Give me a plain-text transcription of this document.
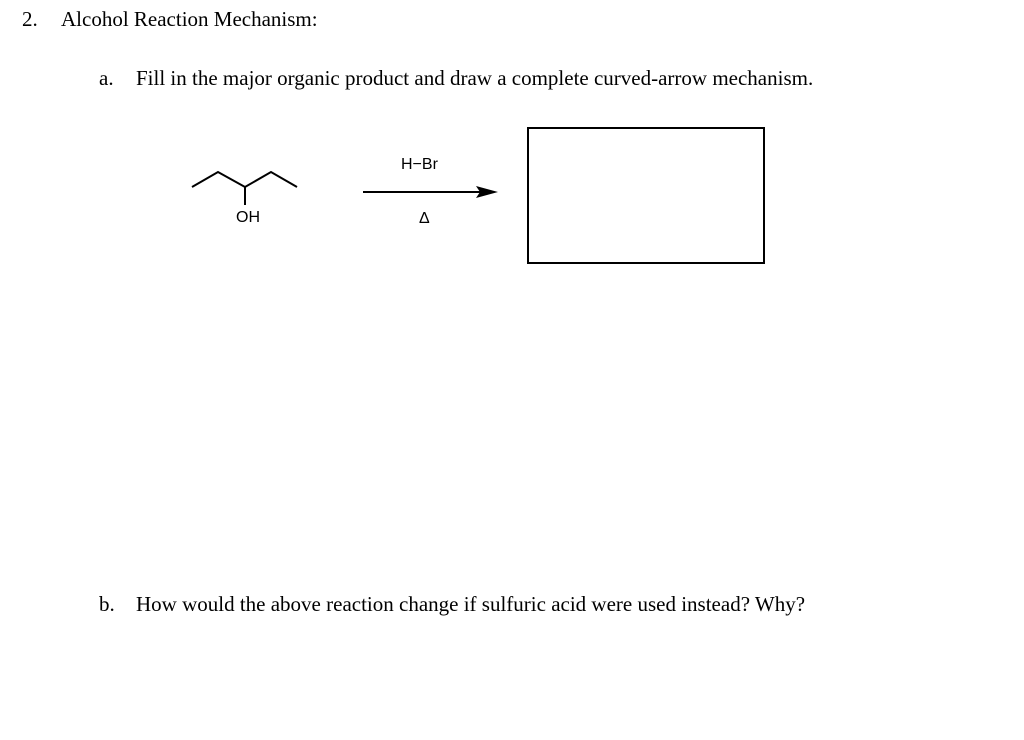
2. Alcohol Reaction Mechanism:
a. Fill in the major organic product and draw a complete curved-arrow mechanism.
OH
H−Br
Δ
b. How would the above reaction change if sulfuric acid were used instead? Why?
